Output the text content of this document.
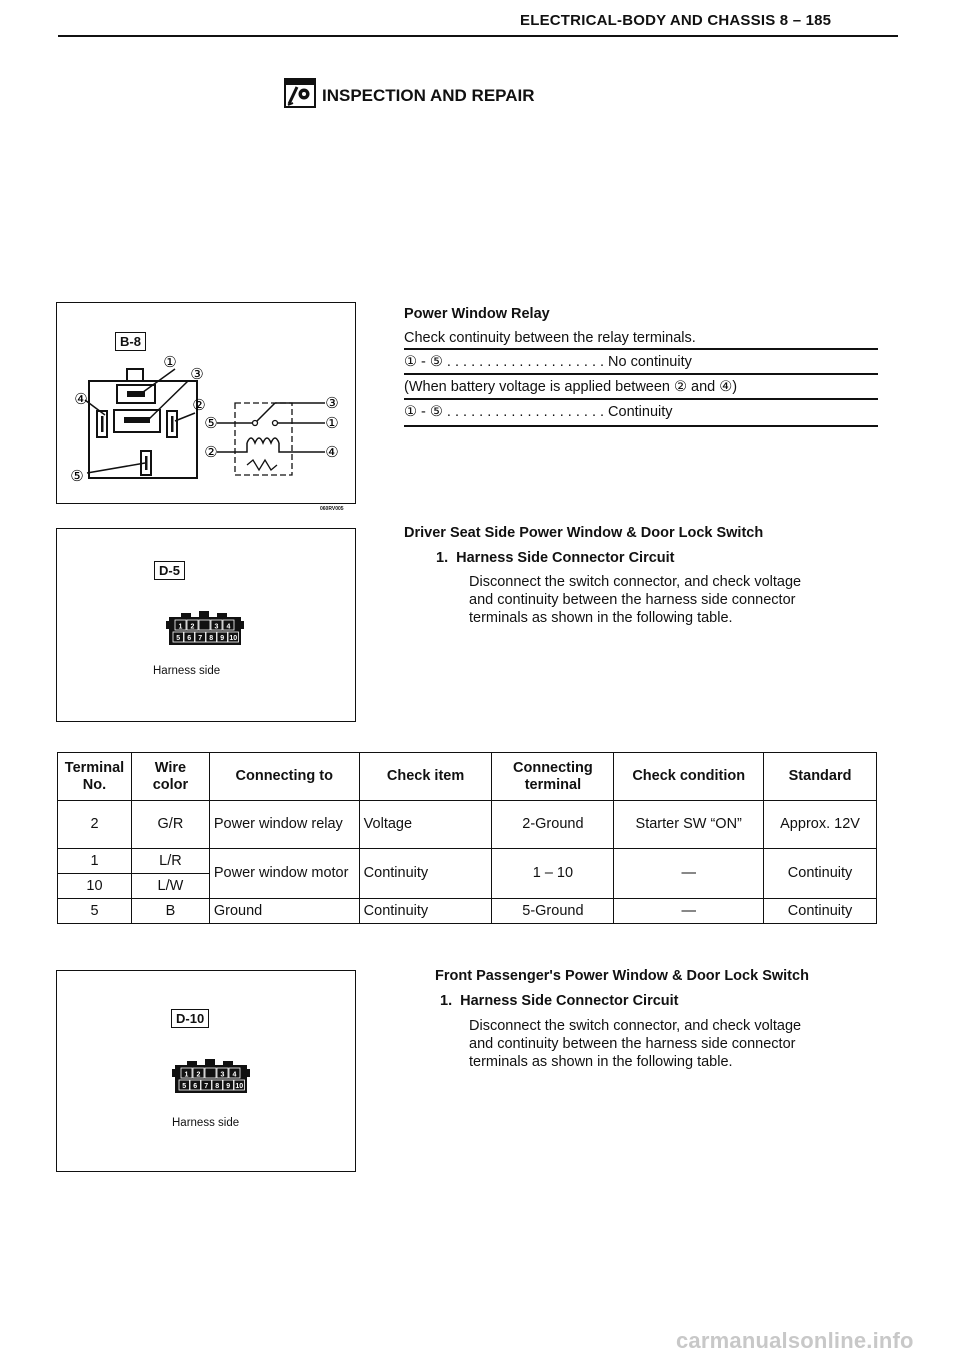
ELECTRICAL-BODY AND CHASSIS 8 – 185
INSPECTION AND REPAIR
B-8
①
③
④	②
⑤
③
⑤	①
②	④
060RV005
Power Window Relay
Check continuity between the relay terminals.
① - ⑤ . . . . . . . . . . . . . . . . . . . . No continuity
(When battery voltage is applied between ② and ④)
① - ⑤ . . . . . . . . . . . . . . . . . . . . Continuity
D-5
1 2	3 4
5 6 7 8 9 10
Harness side
Driver Seat Side Power Window & Door Lock Switch
1.  Harness Side Connector Circuit
Disconnect the switch connector, and check voltage
and continuity between the harness side connector
terminals as shown in the following table.
Terminal No.	Wire color	Connecting to	Check item	Connecting terminal	Check condition	Standard
2	G/R	Power window relay	Voltage	2-Ground	Starter SW “ON”	Approx. 12V
1	L/R	Power window motor	Continuity	1 – 10	—	Continuity
10	L/W					
5	B	Ground	Continuity	5-Ground	—	Continuity
D-10
1 2	3 4
5 6 7 8 9 10
Harness side
Front Passenger's Power Window & Door Lock Switch
1.  Harness Side Connector Circuit
Disconnect the switch connector, and check voltage
and continuity between the harness side connector
terminals as shown in the following table.
carmanualsonline.info
